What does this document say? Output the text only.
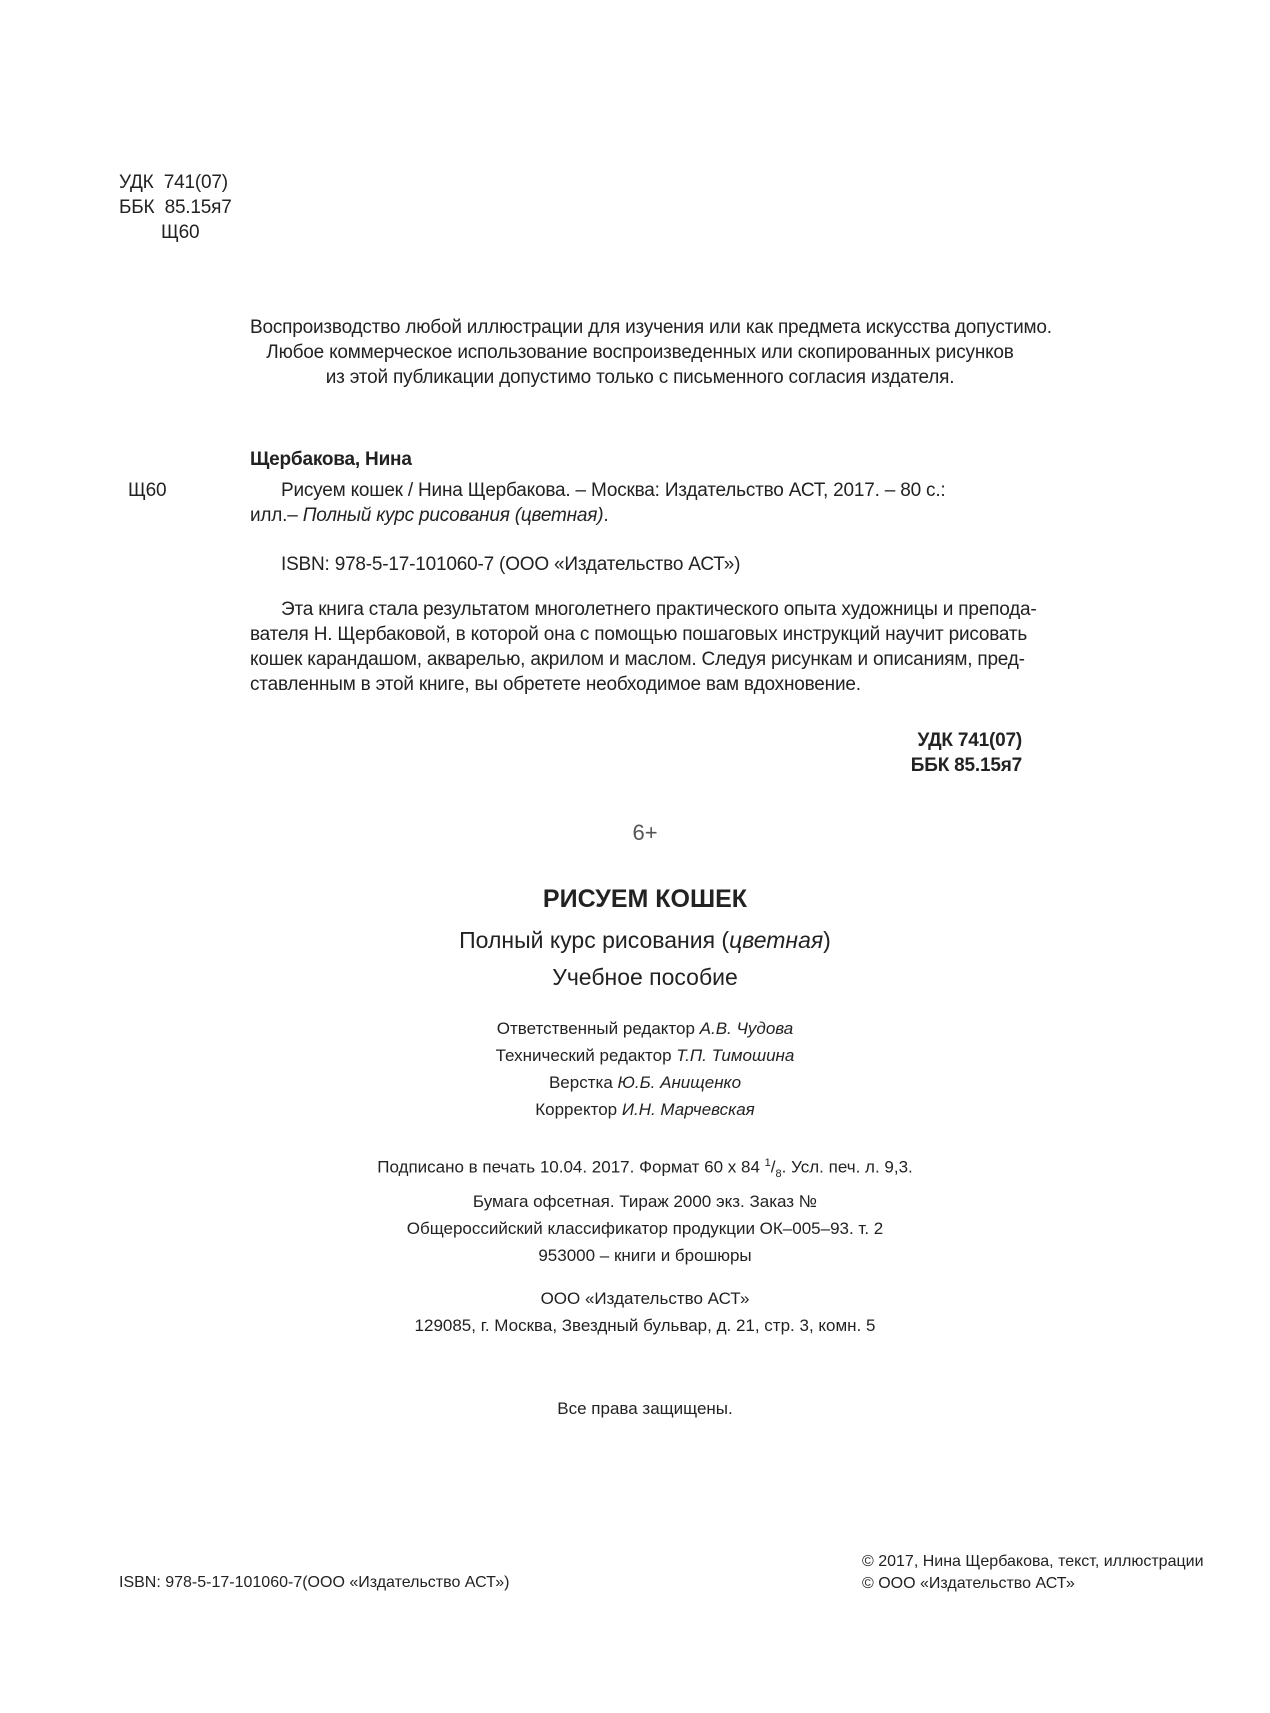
УДК 741(07)
ББК 85.15я7
Щ60
Воспроизводство любой иллюстрации для изучения или как предмета искусства допустимо.
Любое коммерческое использование воспроизведенных или скопированных рисунков
из этой публикации допустимо только с письменного согласия издателя.
Щербакова, Нина
Щ60	Рисуем кошек / Нина Щербакова. – Москва: Издательство АСТ, 2017. – 80 с.:
илл.– Полный курс рисования (цветная).
ISBN: 978-5-17-101060-7 (ООО «Издательство АСТ»)
Эта книга стала результатом многолетнего практического опыта художницы и препода-
вателя Н. Щербаковой, в которой она с помощью пошаговых инструкций научит рисовать
кошек карандашом, акварелью, акрилом и маслом. Следуя рисункам и описаниям, пред-
ставленным в этой книге, вы обретете необходимое вам вдохновение.
УДК 741(07)
ББК 85.15я7
6+
РИСУЕМ КОШЕК
Полный курс рисования (цветная)
Учебное пособие
Ответственный редактор А.В. Чудова
Технический редактор Т.П. Тимошина
Верстка Ю.Б. Анищенко
Корректор И.Н. Марчевская
Подписано в печать 10.04. 2017. Формат 60 х 84 $^1/_8$. Усл. печ. л. 9,3.
Бумага офсетная. Тираж 2000 экз. Заказ №
Общероссийский классификатор продукции ОК–005–93. т. 2
953000 – книги и брошюры
ООО «Издательство АСТ»
129085, г. Москва, Звездный бульвар, д. 21, стр. 3, комн. 5
Все права защищены.
ISBN: 978-5-17-101060-7(ООО «Издательство АСТ»)
© 2017, Нина Щербакова, текст, иллюстрации
© ООО «Издательство АСТ»
